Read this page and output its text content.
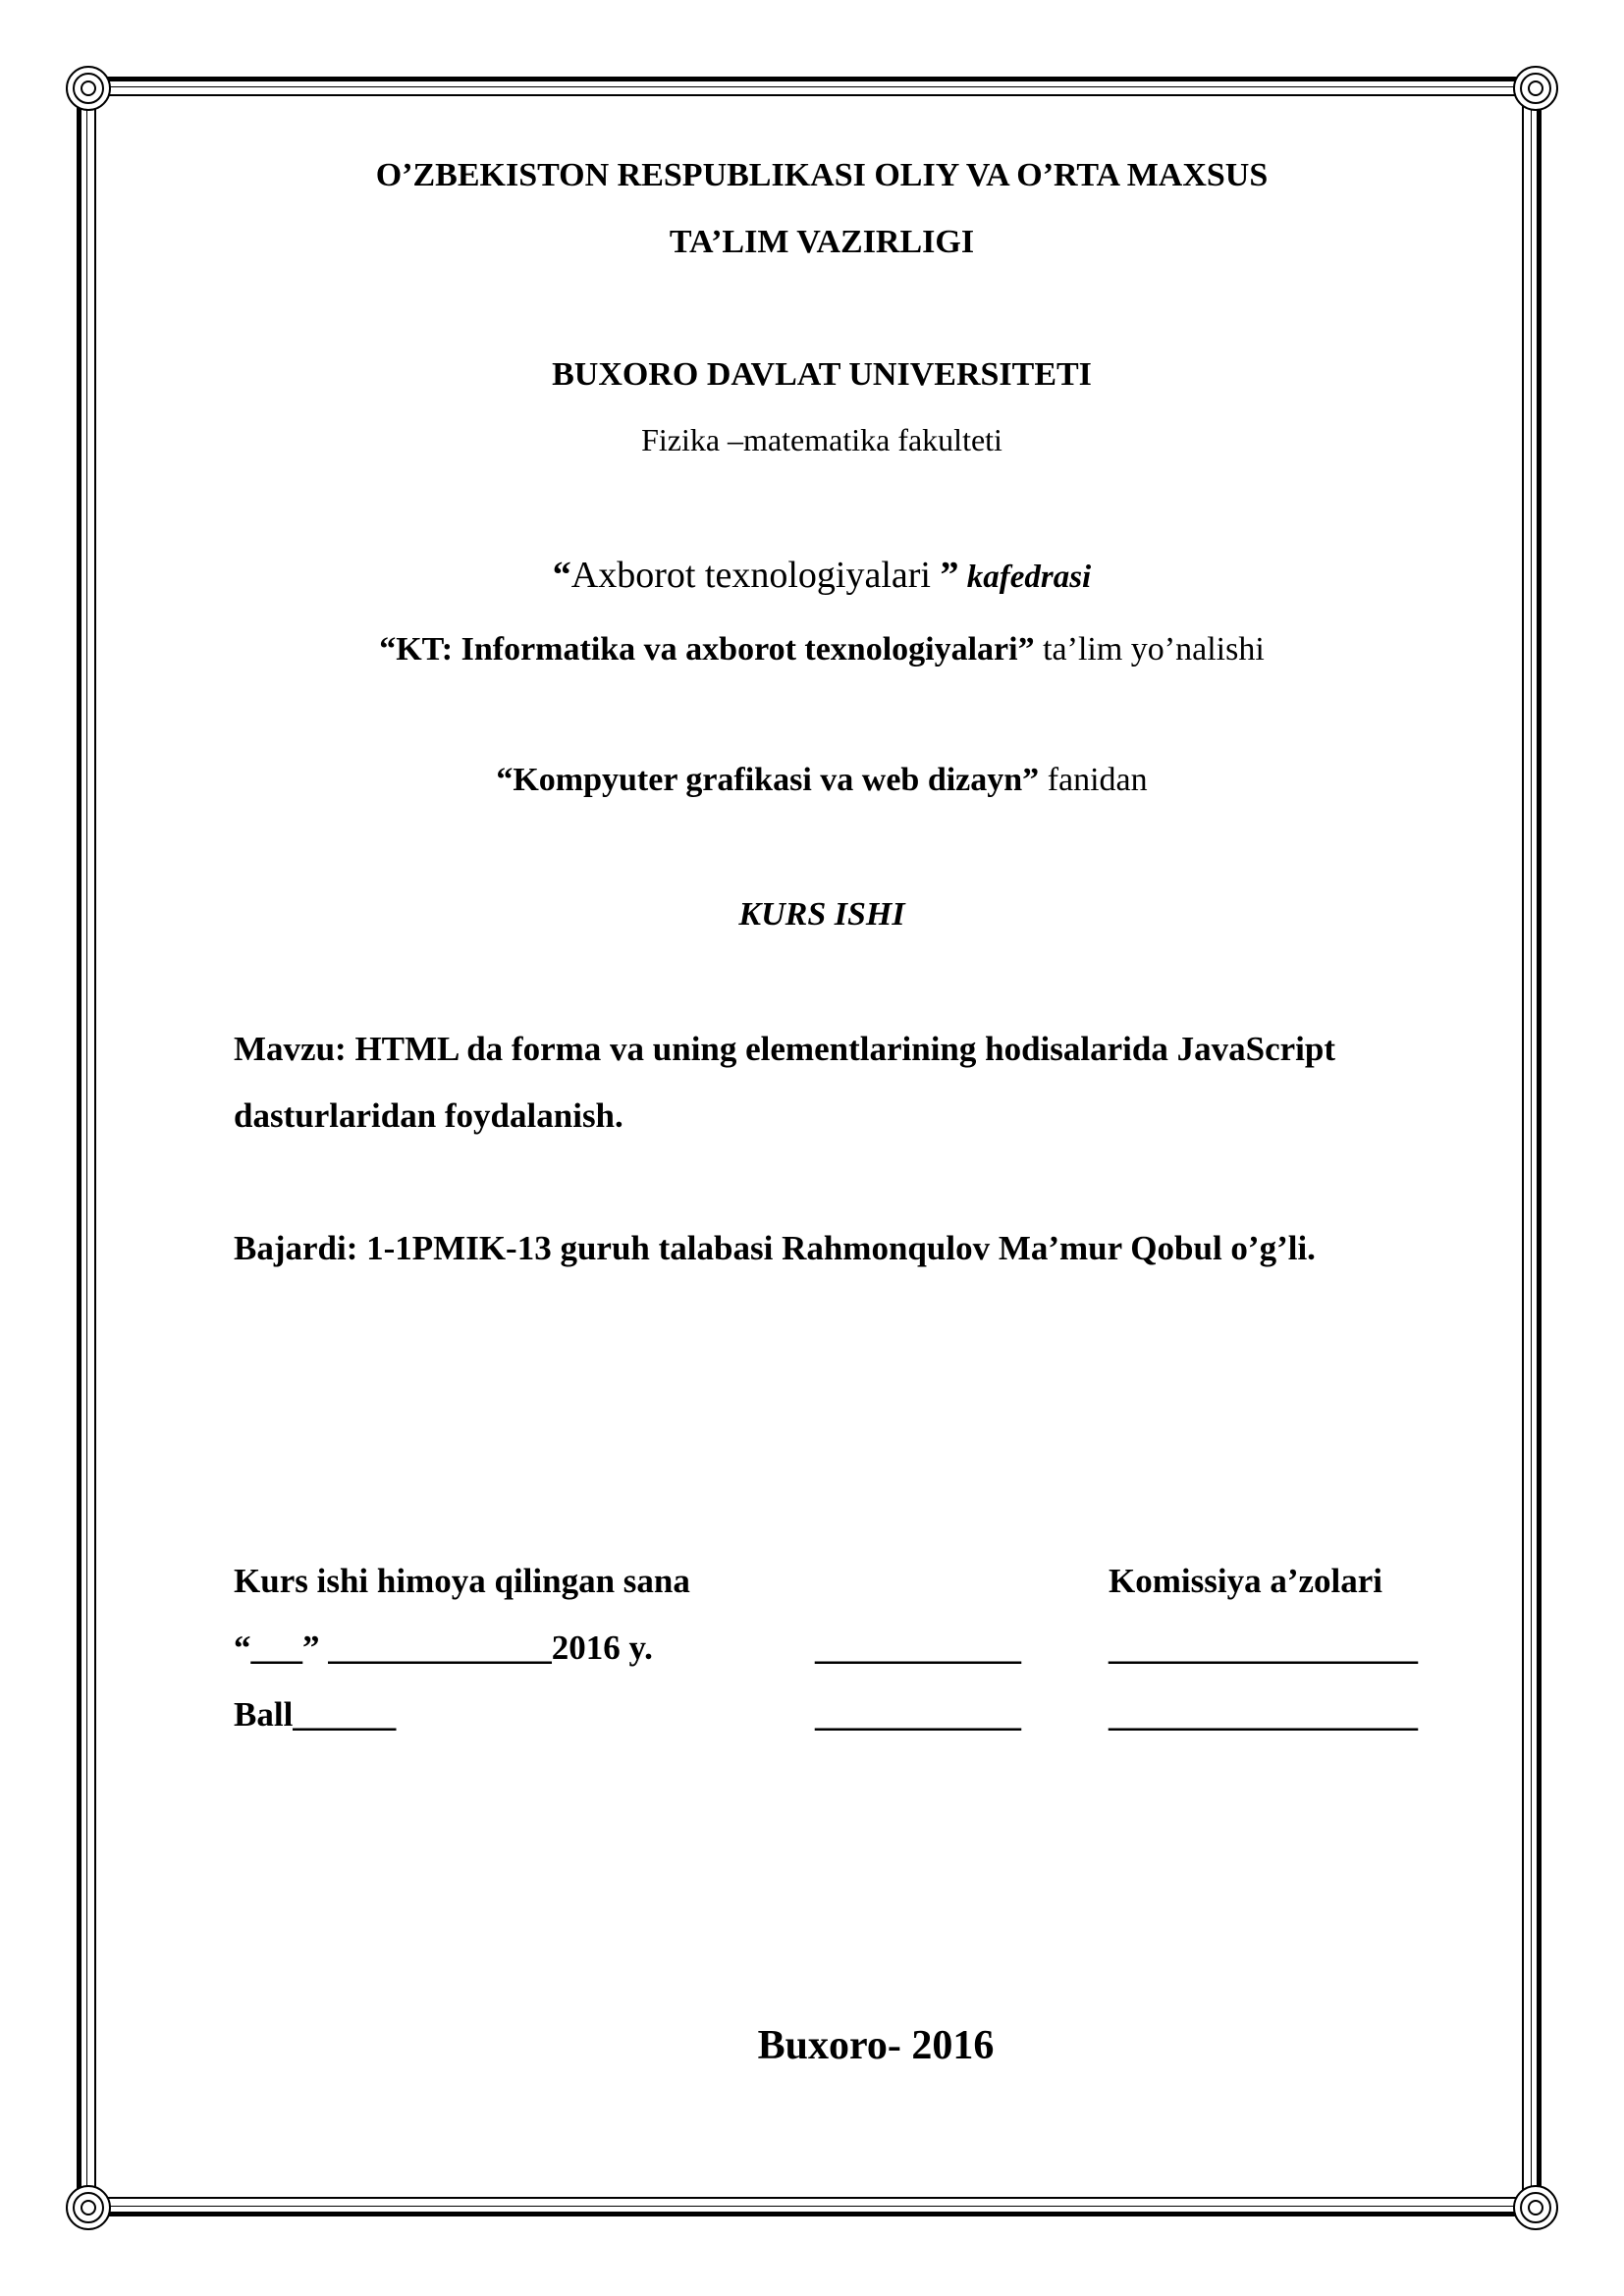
O’ZBEKISTON RESPUBLIKASI OLIY VA O’RTA MAXSUS
TA’LIM VAZIRLIGI
BUXORO DAVLAT UNIVERSITETI
Fizika –matematika fakulteti
“Axborot texnologiyalari ” kafedrasi
“KT: Informatika va axborot texnologiyalari” ta’lim yo’nalishi
“Kompyuter grafikasi va web dizayn” fanidan
KURS ISHI
Mavzu: HTML da forma va uning elementlarining hodisalarida JavaScript
dasturlaridan foydalanish.
Bajardi: 1-1PMIK-13 guruh talabasi Rahmonqulov Ma’mur Qobul o’g’li.
Kurs ishi himoya qilingan sana	Komissiya a’zolari
“___” _____________2016 y.	____________	__________________
Ball______	____________	__________________
Buxoro- 2016
